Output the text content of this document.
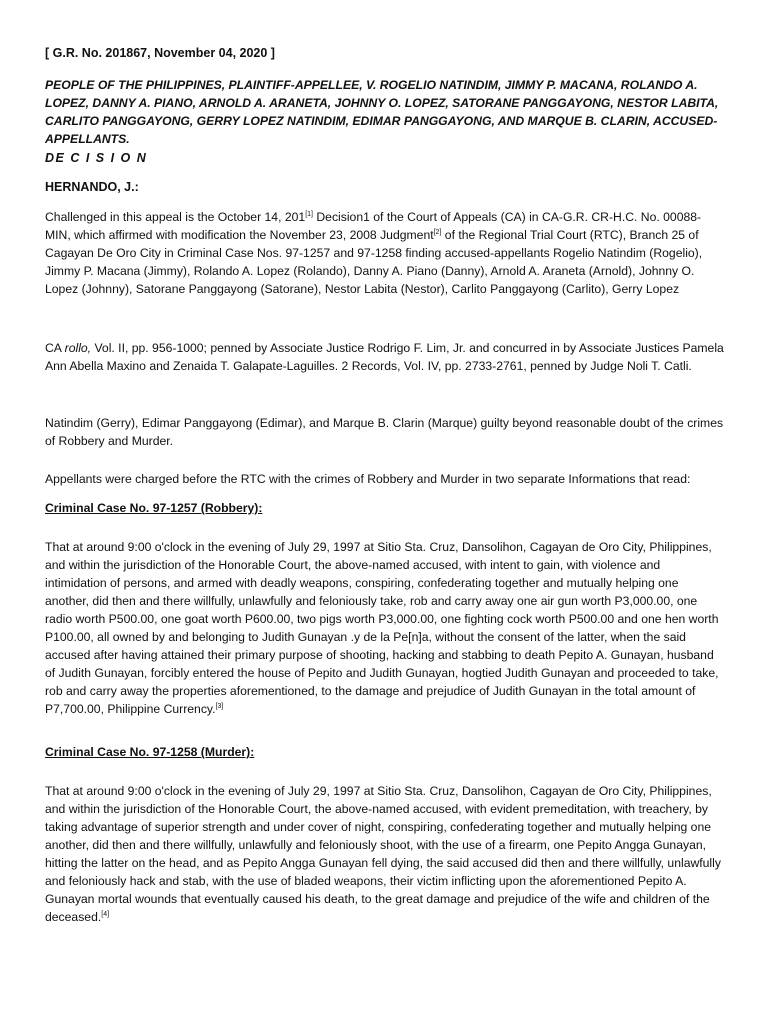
[ G.R. No. 201867, November 04, 2020 ]
PEOPLE OF THE PHILIPPINES, PLAINTIFF-APPELLEE, V. ROGELIO NATINDIM, JIMMY P. MACANA, ROLANDO A. LOPEZ, DANNY A. PIANO, ARNOLD A. ARANETA, JOHNNY O. LOPEZ, SATORANE PANGGAYONG, NESTOR LABITA, CARLITO PANGGAYONG, GERRY LOPEZ NATINDIM, EDIMAR PANGGAYONG, AND MARQUE B. CLARIN, ACCUSED- APPELLANTS.
DE C I S I O N
HERNANDO, J.:
Challenged in this appeal is the October 14, 201[1] Decision1 of the Court of Appeals (CA) in CA-G.R. CR-H.C. No. 00088-MIN, which affirmed with modification the November 23, 2008 Judgment[2] of the Regional Trial Court (RTC), Branch 25 of Cagayan De Oro City in Criminal Case Nos. 97-1257 and 97-1258 finding accused-appellants Rogelio Natindim (Rogelio), Jimmy P. Macana (Jimmy), Rolando A. Lopez (Rolando), Danny A. Piano (Danny), Arnold A. Araneta (Arnold), Johnny O. Lopez (Johnny), Satorane Panggayong (Satorane), Nestor Labita (Nestor), Carlito Panggayong (Carlito), Gerry Lopez
CA rollo, Vol. II, pp. 956-1000; penned by Associate Justice Rodrigo F. Lim, Jr. and concurred in by Associate Justices Pamela Ann Abella Maxino and Zenaida T. Galapate-Laguilles. 2 Records, Vol. IV, pp. 2733-2761, penned by Judge Noli T. Catli.
Natindim (Gerry), Edimar Panggayong (Edimar), and Marque B. Clarin (Marque) guilty beyond reasonable doubt of the crimes of Robbery and Murder.
Appellants were charged before the RTC with the crimes of Robbery and Murder in two separate Informations that read:
Criminal Case No. 97-1257 (Robbery):
That at around 9:00 o'clock in the evening of July 29, 1997 at Sitio Sta. Cruz, Dansolihon, Cagayan de Oro City, Philippines, and within the jurisdiction of the Honorable Court, the above-named accused, with intent to gain, with violence and intimidation of persons, and armed with deadly weapons, conspiring, confederating together and mutually helping one another, did then and there willfully, unlawfully and feloniously take, rob and carry away one air gun worth P3,000.00, one radio worth P500.00, one goat worth P600.00, two pigs worth P3,000.00, one fighting cock worth P500.00 and one hen worth P100.00, all owned by and belonging to Judith Gunayan .y de la Pe[n]a, without the consent of the latter, when the said accused after having attained their primary purpose of shooting, hacking and stabbing to death Pepito A. Gunayan, husband of Judith Gunayan, forcibly entered the house of Pepito and Judith Gunayan, hogtied Judith Gunayan and proceeded to take, rob and carry away the properties aforementioned, to the damage and prejudice of Judith Gunayan in the total amount of P7,700.00, Philippine Currency.[3]
Criminal Case No. 97-1258 (Murder):
That at around 9:00 o'clock in the evening of July 29, 1997 at Sitio Sta. Cruz, Dansolihon, Cagayan de Oro City, Philippines, and within the jurisdiction of the Honorable Court, the above-named accused, with evident premeditation, with treachery, by taking advantage of superior strength and under cover of night, conspiring, confederating together and mutually helping one another, did then and there willfully, unlawfully and feloniously shoot, with the use of a firearm, one Pepito Angga Gunayan, hitting the latter on the head, and as Pepito Angga Gunayan fell dying, the said accused did then and there willfully, unlawfully and feloniously hack and stab, with the use of bladed weapons, their victim inflicting upon the aforementioned Pepito A. Gunayan mortal wounds that eventually caused his death, to the great damage and prejudice of the wife and children of the deceased.[4]
